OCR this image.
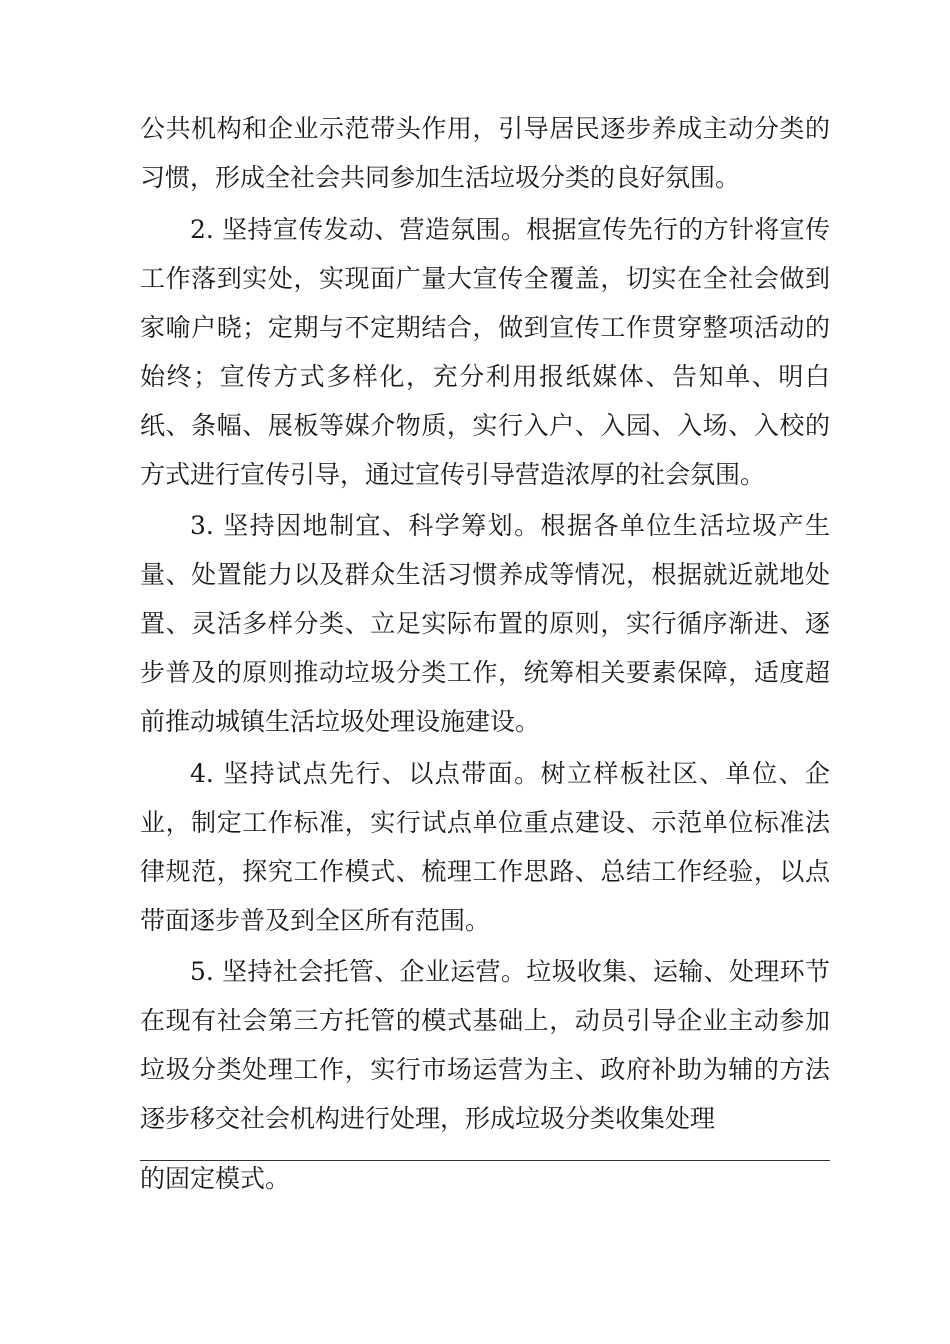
公共机构和企业示范带头作用，引导居民逐步养成主动分类的习惯，形成全社会共同参加生活垃圾分类的良好氛围。

2. 坚持宣传发动、营造氛围。根据宣传先行的方针将宣传工作落到实处，实现面广量大宣传全覆盖，切实在全社会做到家喻户晓；定期与不定期结合，做到宣传工作贯穿整项活动的始终；宣传方式多样化，充分利用报纸媒体、告知单、明白纸、条幅、展板等媒介物质，实行入户、入园、入场、入校的方式进行宣传引导，通过宣传引导营造浓厚的社会氛围。

3. 坚持因地制宜、科学筹划。根据各单位生活垃圾产生量、处置能力以及群众生活习惯养成等情况，根据就近就地处置、灵活多样分类、立足实际布置的原则，实行循序渐进、逐步普及的原则推动垃圾分类工作，统筹相关要素保障，适度超前推动城镇生活垃圾处理设施建设。

4. 坚持试点先行、以点带面。树立样板社区、单位、企业，制定工作标准，实行试点单位重点建设、示范单位标准法律规范，探究工作模式、梳理工作思路、总结工作经验，以点带面逐步普及到全区所有范围。

5. 坚持社会托管、企业运营。垃圾收集、运输、处理环节在现有社会第三方托管的模式基础上，动员引导企业主动参加垃圾分类处理工作，实行市场运营为主、政府补助为辅的方法逐步移交社会机构进行处理，形成垃圾分类收集处理

的固定模式。
